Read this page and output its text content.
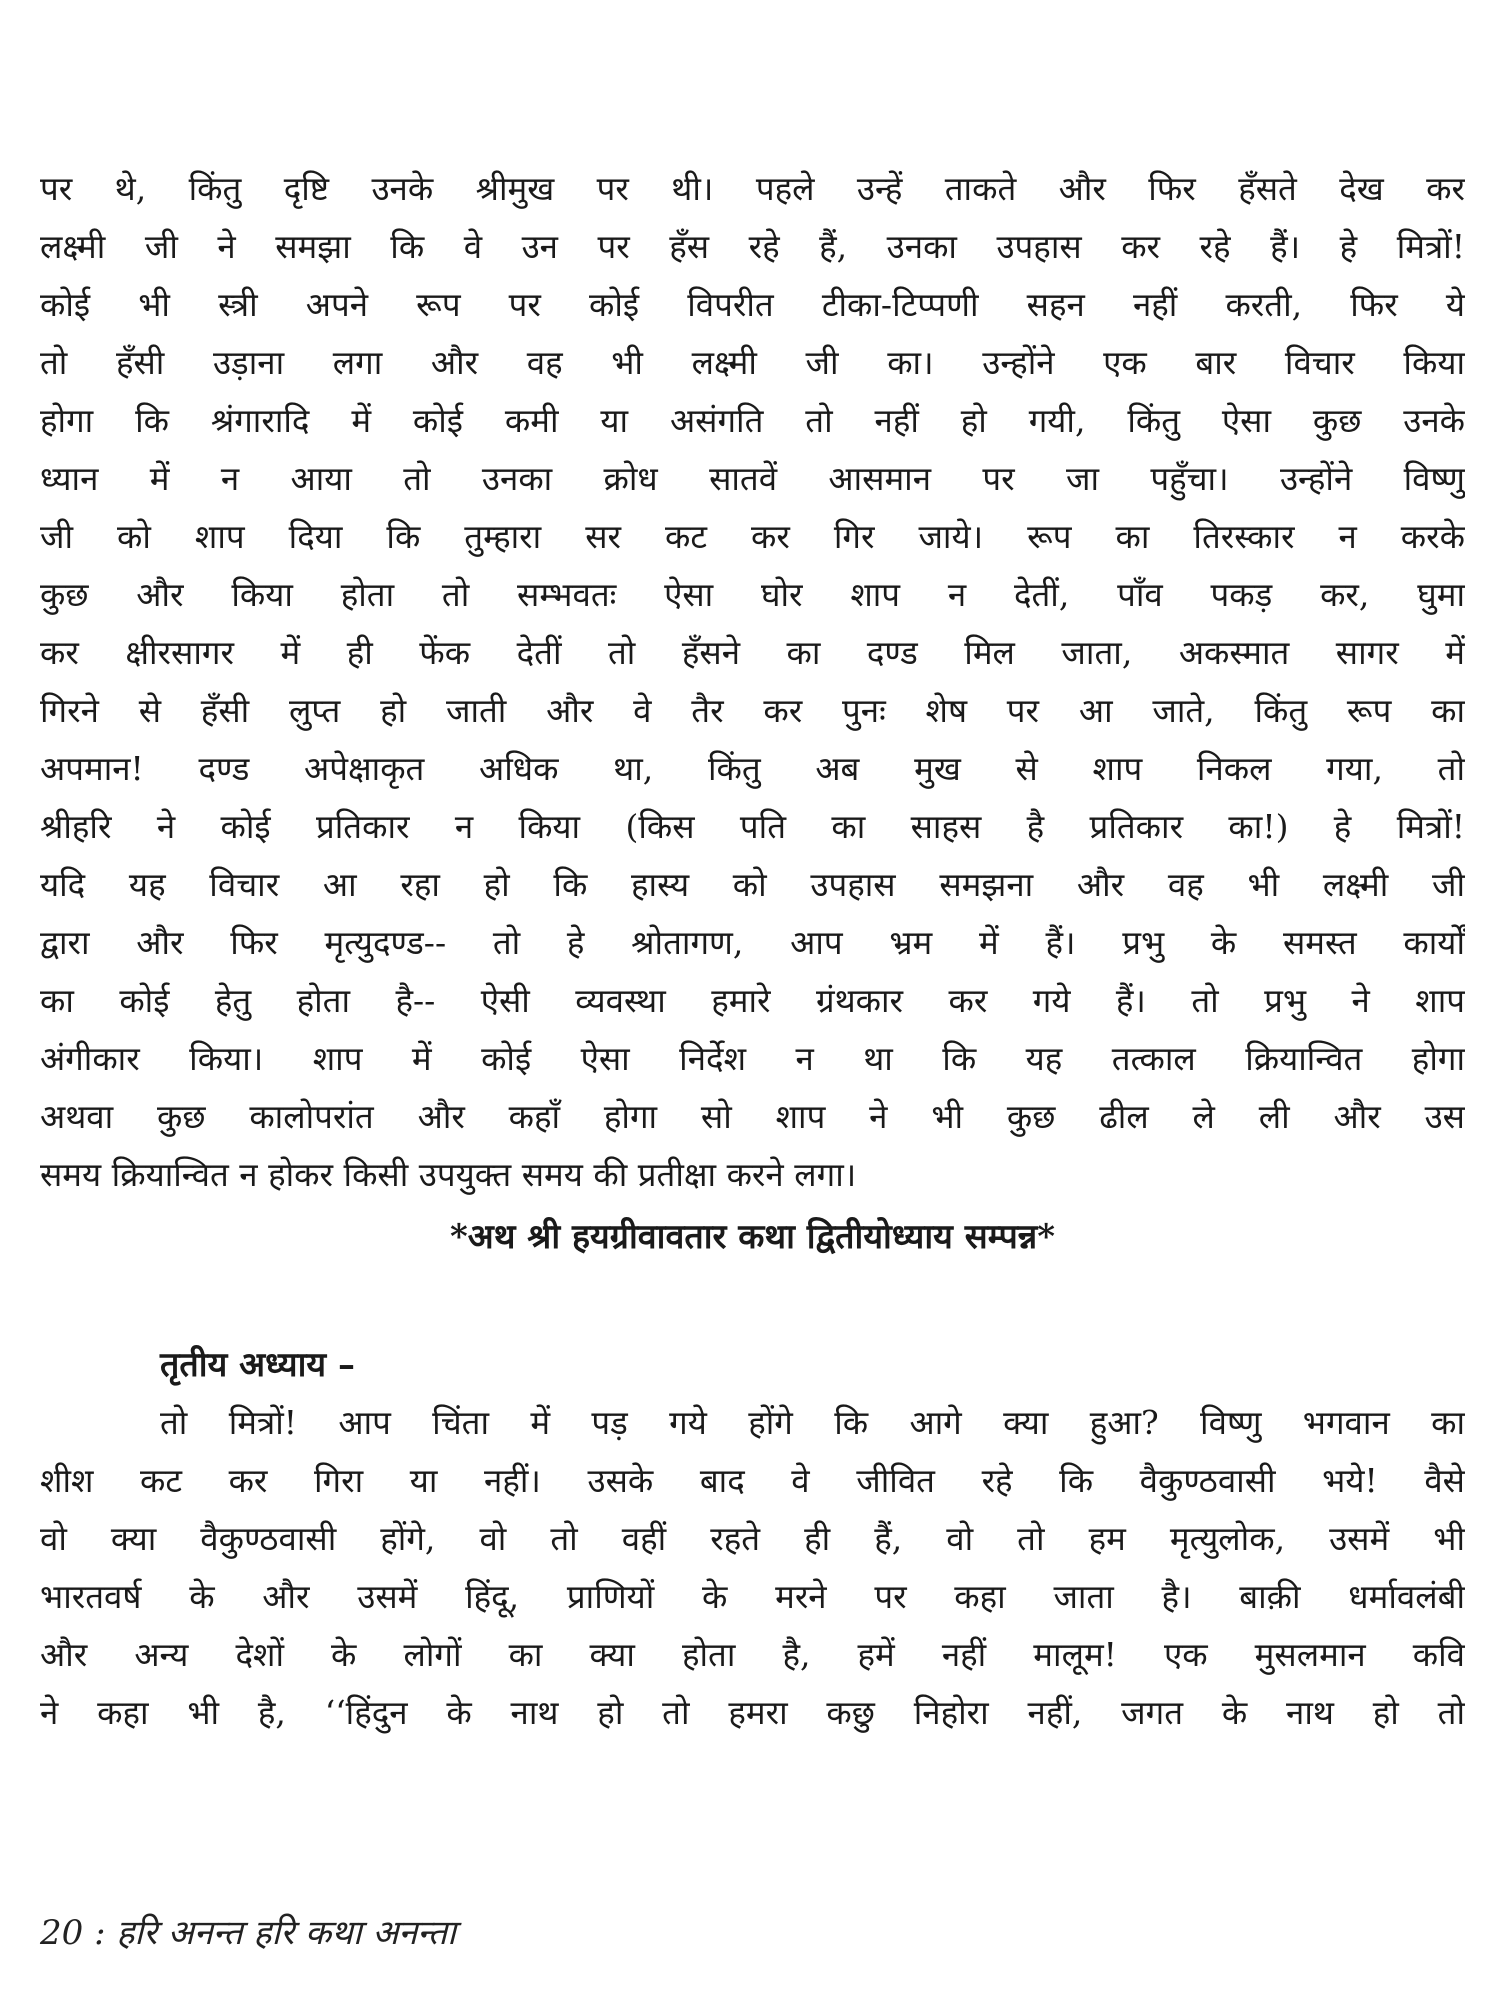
पर थे, किंतु दृष्टि उनके श्रीमुख पर थी। पहले उन्हें ताकते और फिर हँसते देख कर
लक्ष्मी जी ने समझा कि वे उन पर हँस रहे हैं, उनका उपहास कर रहे हैं। हे मित्रों!
कोई भी स्त्री अपने रूप पर कोई विपरीत टीका-टिप्पणी सहन नहीं करती, फिर ये
तो हँसी उड़ाना लगा और वह भी लक्ष्मी जी का। उन्होंने एक बार विचार किया
होगा कि श्रंगारादि में कोई कमी या असंगति तो नहीं हो गयी, किंतु ऐसा कुछ उनके
ध्यान में न आया तो उनका क्रोध सातवें आसमान पर जा पहुँचा। उन्होंने विष्णु
जी को शाप दिया कि तुम्हारा सर कट कर गिर जाये। रूप का तिरस्कार न करके
कुछ और किया होता तो सम्भवतः ऐसा घोर शाप न देतीं, पाँव पकड़ कर, घुमा
कर क्षीरसागर में ही फेंक देतीं तो हँसने का दण्ड मिल जाता, अकस्मात सागर में
गिरने से हँसी लुप्त हो जाती और वे तैर कर पुनः शेष पर आ जाते, किंतु रूप का
अपमान! दण्ड अपेक्षाकृत अधिक था, किंतु अब मुख से शाप निकल गया, तो
श्रीहरि ने कोई प्रतिकार न किया (किस पति का साहस है प्रतिकार का!) हे मित्रों!
यदि यह विचार आ रहा हो कि हास्य को उपहास समझना और वह भी लक्ष्मी जी
द्वारा और फिर मृत्युदण्ड-- तो हे श्रोतागण, आप भ्रम में हैं। प्रभु के समस्त कार्यों
का कोई हेतु होता है-- ऐसी व्यवस्था हमारे ग्रंथकार कर गये हैं। तो प्रभु ने शाप
अंगीकार किया। शाप में कोई ऐसा निर्देश न था कि यह तत्काल क्रियान्वित होगा
अथवा कुछ कालोपरांत और कहाँ होगा सो शाप ने भी कुछ ढील ले ली और उस
समय क्रियान्वित न होकर किसी उपयुक्त समय की प्रतीक्षा करने लगा।
*अथ श्री हयग्रीवावतार कथा द्वितीयोध्याय सम्पन्न*
तृतीय अध्याय –
तो मित्रों! आप चिंता में पड़ गये होंगे कि आगे क्या हुआ? विष्णु भगवान का
शीश कट कर गिरा या नहीं। उसके बाद वे जीवित रहे कि वैकुण्ठवासी भये! वैसे
वो क्या वैकुण्ठवासी होंगे, वो तो वहीं रहते ही हैं, वो तो हम मृत्युलोक, उसमें भी
भारतवर्ष के और उसमें हिंदू, प्राणियों के मरने पर कहा जाता है। बाक़ी धर्मावलंबी
और अन्य देशों के लोगों का क्या होता है, हमें नहीं मालूम! एक मुसलमान कवि
ने कहा भी है, ‘‘हिंदुन के नाथ हो तो हमरा कछु निहोरा नहीं, जगत के नाथ हो तो
20 : हरि अनन्त हरि कथा अनन्ता
